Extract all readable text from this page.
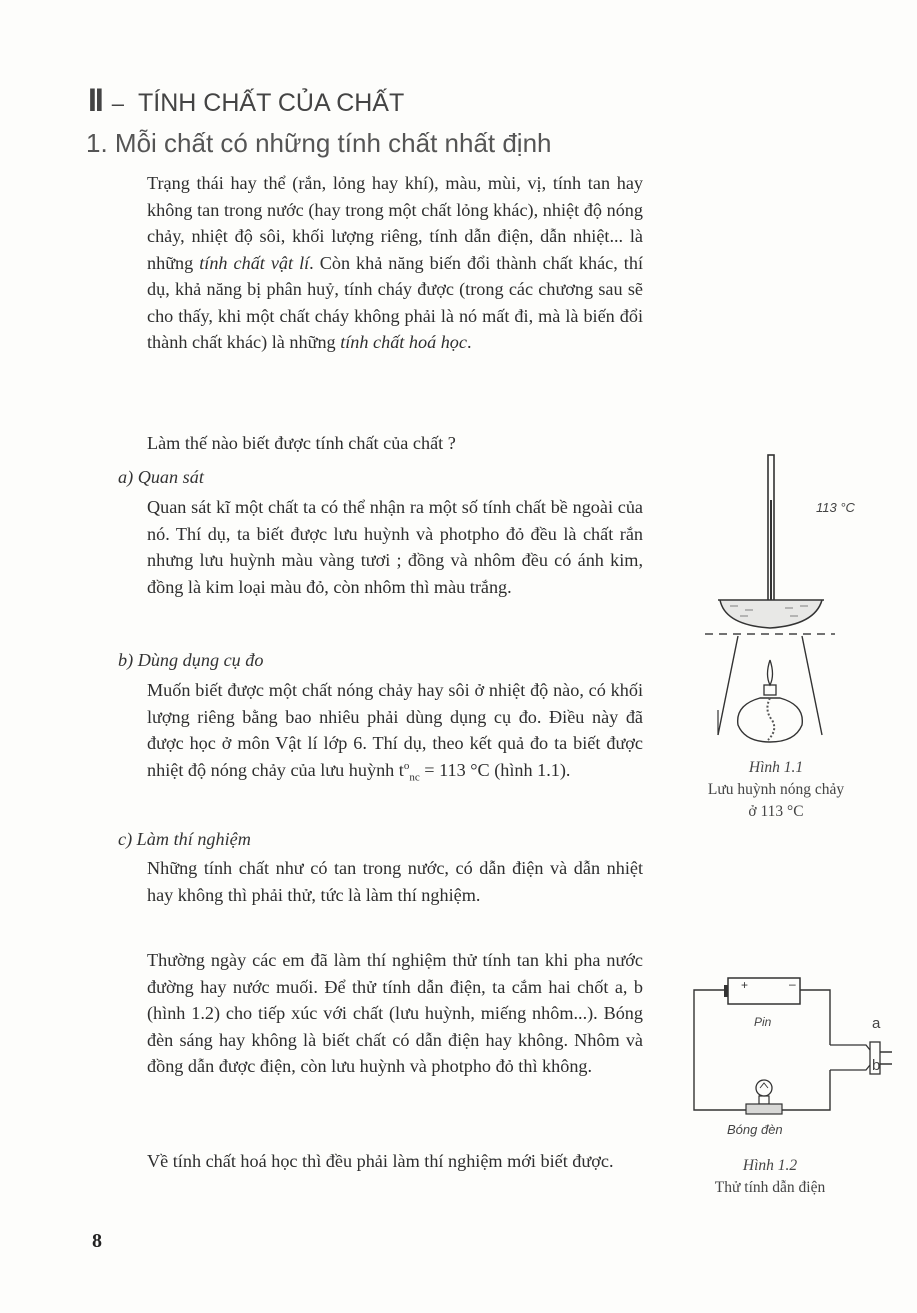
II – TÍNH CHẤT CỦA CHẤT
1. Mỗi chất có những tính chất nhất định
Trạng thái hay thể (rắn, lỏng hay khí), màu, mùi, vị, tính tan hay không tan trong nước (hay trong một chất lỏng khác), nhiệt độ nóng chảy, nhiệt độ sôi, khối lượng riêng, tính dẫn điện, dẫn nhiệt... là những tính chất vật lí. Còn khả năng biến đổi thành chất khác, thí dụ, khả năng bị phân huỷ, tính cháy được (trong các chương sau sẽ cho thấy, khi một chất cháy không phải là nó mất đi, mà là biến đổi thành chất khác) là những tính chất hoá học.
Làm thế nào biết được tính chất của chất ?
a) Quan sát
Quan sát kĩ một chất ta có thể nhận ra một số tính chất bề ngoài của nó. Thí dụ, ta biết được lưu huỳnh và photpho đỏ đều là chất rắn nhưng lưu huỳnh màu vàng tươi ; đồng và nhôm đều có ánh kim, đồng là kim loại màu đỏ, còn nhôm thì màu trắng.
b) Dùng dụng cụ đo
Muốn biết được một chất nóng chảy hay sôi ở nhiệt độ nào, có khối lượng riêng bằng bao nhiêu phải dùng dụng cụ đo. Điều này đã được học ở môn Vật lí lớp 6. Thí dụ, theo kết quả đo ta biết được nhiệt độ nóng chảy của lưu huỳnh $t^o_{nc} = 113$ °C (hình 1.1).
c) Làm thí nghiệm
Những tính chất như có tan trong nước, có dẫn điện và dẫn nhiệt hay không thì phải thử, tức là làm thí nghiệm.
Thường ngày các em đã làm thí nghiệm thử tính tan khi pha nước đường hay nước muối. Để thử tính dẫn điện, ta cắm hai chốt a, b (hình 1.2) cho tiếp xúc với chất (lưu huỳnh, miếng nhôm...). Bóng đèn sáng hay không là biết chất có dẫn điện hay không. Nhôm và đồng dẫn được điện, còn lưu huỳnh và photpho đỏ thì không.
Về tính chất hoá học thì đều phải làm thí nghiệm mới biết được.
113 °C
Hình 1.1
Lưu huỳnh nóng chảy
ở 113 °C
+	–
Pin	a
b
Bóng đèn
Hình 1.2
Thử tính dẫn điện
8
